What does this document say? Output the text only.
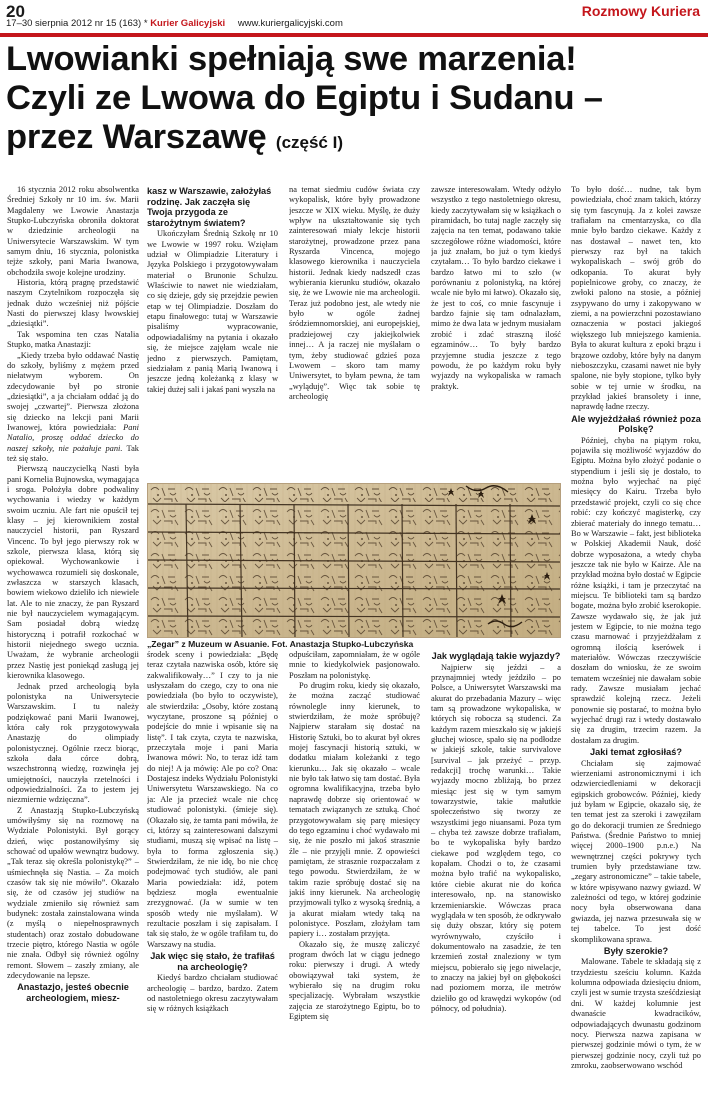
20	Rozmowy Kuriera
17–30 sierpnia 2012 nr 15 (163) * Kurier Galicyjski www.kuriergalicyjski.com
Lwowianki spełniają swe marzenia!
Czyli ze Lwowa do Egiptu i Sudanu –
przez Warszawę (część I)

16 stycznia 2012 roku absolwentka Średniej Szkoły nr 10 im. św. Marii Magdaleny we Lwowie Anastazja Stupko-Lubczyńska obroniła doktorat w dziedzinie archeologii na Uniwersytecie Warszawskim. W tym samym dniu, 16 stycznia, polonistka tejże szkoły, pani Maria Iwanowa, obchodziła swoje kolejne urodziny.

Historia, którą pragnę przedstawić naszym Czytelnikom rozpoczęła się jednak dużo wcześniej niż pójście Nasti do pierwszej klasy lwowskiej „dziesiątki”.

Tak wspomina ten czas Natalia Stupko, matka Anastazji:

„Kiedy trzeba było oddawać Nastię do szkoły, byliśmy z mężem przed niełatwym wyborem. On zdecydowanie był po stronie „dziesiątki”, a ja chciałam oddać ją do swojej „czwartej”. Pierwsza złożona się dziecko na lekcji pani Marii Iwanowej, która powiedziała: Pani Natalio, proszę oddać dziecko do naszej szkoły, nie pożałuje pani. Tak też się stało.

Pierwszą nauczycielką Nasti była pani Kornelia Bujnowska, wymagająca i sroga. Położyła dobre podwaliny wychowania i wiedzy w każdym swoim uczniu. Ale fart nie opuścił tej klasy – jej kierownikiem został nauczyciel historii, pan Ryszard Vincenc. To był jego pierwszy rok w szkole, pierwsza klasa, którą się opiekował. Wychowankowie i wychowawca rozumieli się doskonale, zwłaszcza w starszych klasach, bowiem wiekowo dzieliło ich niewiele lat. Ale to nie znaczy, że pan Ryszard nie był nauczycielem wymagającym. Sam posiadał dobrą wiedzę historyczną i potrafił rozkochać w historii niejednego swego ucznia. Uważam, że wybranie archeologii przez Nastię jest poniekąd zasługą jej kierownika klasowego.

Jednak przed archeologią była polonistyka na Uniwersytecie Warszawskim. I tu należy podziękować pani Marii Iwanowej, która cały rok przygotowywała Anastazję do olimpiady polonistycznej. Ogólnie rzecz biorąc, szkoła dała córce dobrą, wszechstronną wiedzę, rozwinęła jej umiejętności, nauczyła rzetelności i odpowiedzialności. Za to jestem jej niezmiernie wdzięczna”.

Z Anastazją Stupko-Lubczyńską umówiłyśmy się na rozmowę na Wydziale Polonistyki. Był gorący dzień, więc postanowiłyśmy się schować od upałów wewnątrz budowy. „Tak teraz się określa polonistykę?” – uśmiechnęła się Nastia. – Za moich czasów tak się nie mówiło”. Okazało się, że od czasów jej studiów na wydziale zmieniło się również sam budynek: została zainstalowana winda (z myślą o niepełnosprawnych studentach) oraz zostało dobudowane trzecie piętro, którego Nastia w ogóle nie znała. Odbył się również ogólny remont. Słowem – zaszły zmiany, ale zdecydowanie na lepsze.

Anastazjo, jesteś obecnie archeologiem, miesz-

kasz w Warszawie, założyłaś rodzinę. Jak zaczęła się Twoja przygoda ze starożytnym światem?

Ukończyłam Średnią Szkołę nr 10 we Lwowie w 1997 roku. Wzięłam udział w Olimpiadzie Literatury i Języka Polskiego i przygotowywałam materiał o Brunonie Schulzu. Właściwie to nawet nie wiedziałam, co się dzieje, gdy się przejdzie pewien etap w tej Olimpiadzie. Doszłam do etapu finałowego: tutaj w Warszawie pisaliśmy wypracowanie, odpowiadaliśmy na pytania i okazało się, że miejsce zajęłam wcale nie jedno z pierwszych. Pamiętam, siedziałam z panią Marią Iwanową i jeszcze jedną koleżanką z klasy w takiej dużej sali i jakaś pani wyszła na

na temat siedmiu cudów świata czy wykopalisk, które były prowadzone jeszcze w XIX wieku. Myślę, że duży wpływ na ukształtowanie się tych zainteresowań miały lekcje historii starożytnej, prowadzone przez pana Ryszarda Vincenca, mojego klasowego kierownika i nauczyciela historii. Jednak kiedy nadszedł czas wybierania kierunku studiów, okazało się, że we Lwowie nie ma archeologii. Teraz już podobno jest, ale wtedy nie było w ogóle żadnej śródziemnomorskiej, ani europejskiej, pradziejowej czy jakiejkolwiek innej… A ja raczej nie myślałam o tym, żeby studiować gdzieś poza Lwowem – skoro tam mamy Uniwersytet, to byłam pewna, że tam „wyląduję”. Więc tak sobie tę archeologię

zawsze interesowałam. Wtedy odżyło wszystko z tego nastoletniego okresu, kiedy zaczytywałam się w książkach o piramidach, bo tutaj nagle zaczęły się zajęcia na ten temat, podawano takie szczegółowe różne wiadomości, które ja już znałam, bo już o tym kiedyś czytałam… To było bardzo ciekawe i bardzo łatwo mi to szło (w porównaniu z polonistyką, na której wcale nie było mi łatwo). Okazało się, że jest to coś, co mnie fascynuje i bardzo fajnie się tam odnalazłam, mimo że dwa lata w jednym musiałam zrobić i zdać straszną ilość egzaminów… To były bardzo przyjemne studia jeszcze z tego powodu, że po każdym roku były wyjazdy na wykopaliska w ramach praktyk.

To było dość… nudne, tak bym powiedziała, choć znam takich, którzy się tym fascynują. Ja z kolei zawsze trafiałam na cmentarzyska, co dla mnie było bardzo ciekawe. Każdy z nas dostawał – nawet ten, kto pierwszy raz był na takich wykopaliskach – swój grób do odkopania. To akurat były popielnicowe groby, co znaczy, że zwłoki palono na stosie, a później zsypywano do urny i zakopywano w ziemi, a na powierzchni pozostawiano oznaczenia w postaci jakiegoś większego lub mniejszego kamienia. Była to akurat kultura z epoki brązu i brązowe ozdoby, które były na danym nieboszczyku, czasami nawet nie były spalone, nie były stopione, tylko były sobie w tej urnie w środku, na przykład jakieś bransolety i inne, naprawdę ładne rzeczy.

Ale wyjeżdżałaś również poza Polskę?

Później, chyba na piątym roku, pojawiła się możliwość wyjazdów do Egiptu. Można było złożyć podanie o stypendium i jeśli się je dostało, to można było wyjechać na pięć miesięcy do Kairu. Trzeba było przedstawić projekt, czyli co się chce robić: czy kończyć magisterkę, czy zbierać materiały do innego tematu… Bo w Warszawie – fakt, jest biblioteka w Polskiej Akademii Nauk, dość dobrze wyposażona, a wtedy chyba jeszcze tak nie było w Kairze. Ale na przykład można było dostać w Egipcie różne książki, i tam je przeczytać na miejscu. Te biblioteki tam są bardzo bogate, można było zrobić kserokopie. Zawsze wydawało się, że jak już jestem w Egipcie, to nie można tego czasu marnować i przyjeżdżałam z ogromną ilością kserówek i materiałów. Wówczas rzeczywiście doszłam do wniosku, że ze swoim tematem wcześniej nie dawałam sobie rady. Zawsze musiałam jechać sprawdzić kolejną rzecz. Jeżeli ponownie się postarać, to można było wyjechać drugi raz i wtedy dostawało się za drugim, trzecim razem. Ja dostałam za drugim.

Jaki temat zgłosiłaś?

Chciałam się zajmować wierzeniami astronomicznymi i ich odzwierciedleniami w dekoracji egipskich grobowców. Później, kiedy już byłam w Egipcie, okazało się, że ten temat jest za szeroki i zawęziłam go do dekoracji trumien ze Średniego Państwa. (Średnie Państwo to mniej więcej 2000–1900 p.n.e.) Na wewnętrznej części pokrywy tych trumien były przedstawiane tzw. „zegary astronomiczne” – takie tabele, w które wpisywano nazwy gwiazd. W zależności od tego, w której godzinie nocy była obserwowana dana gwiazda, jej nazwa przesuwała się w tej tabelce. To jest dość skomplikowana sprawa.

Były szerokie?

Malowane. Tabele te składają się z trzydziestu sześciu kolumn. Każda kolumna odpowiada dziesięciu dniom, czyli jest w sumie trzysta sześćdziesiąt dni. W każdej kolumnie jest dwanaście kwadracików, odpowiadających dwunastu godzinom nocy. Pierwsza nazwa zapisana w pierwszej godzinie mówi o tym, że w pierwszej godzinie nocy, czyli tuż po zmroku, zaobserwowano wschód

„Zegar” z Muzeum w Asuanie. Fot. Anastazja Stupko-Lubczyńska

środek sceny i powiedziała: „Będę teraz czytała nazwiska osób, które się zakwalifikowały…” I czy to ja nie usłyszałam do czego, czy to ona nie powiedziała (bo było to oczywiste), ale stwierdziła: „Osoby, które zostaną wyczytane, proszone są później o podejście do mnie i wpisanie się na listę”. I tak czyta, czyta te nazwiska, przeczytała moje i pani Maria Iwanowa mówi: No, to teraz idź tam do niej! A ja mówię: Ale po co? Ona: Dostajesz indeks Wydziału Polonistyki Uniwersytetu Warszawskiego. Na co ja: Ale ja przecież wcale nie chcę studiować polonistyki. (śmieje się). (Okazało się, że tamta pani mówiła, że ci, którzy są zainteresowani dalszymi studiami, muszą się wpisać na listę – była to forma zgłoszenia się.) Stwierdziłam, że nie idę, bo nie chcę podejmować tych studiów, ale pani Maria powiedziała: idź, potem będziesz mogła ewentualnie zrezygnować. (Ja w sumie w ten sposób wtedy nie myślałam). W rezultacie poszłam i się zapisałam. I tak się stało, że w ogóle trafiłam tu, do Warszawy na studia.

Jak więc się stało, że trafiłaś na archeologię?

Kiedyś bardzo chciałam studiować archeologię – bardzo, bardzo. Zatem od nastoletniego okresu zaczytywałam się w różnych książkach

odpuściłam, zapomniałam, że w ogóle mnie to kiedykolwiek pasjonowało. Poszłam na polonistykę.

Po drugim roku, kiedy się okazało, że można zacząć studiować równolegle inny kierunek, to stwierdziłam, że może spróbuję? Najpierw starałam się dostać na Historię Sztuki, bo to akurat był okres mojej fascynacji historią sztuki, w dodatku miałam koleżanki z tego kierunku… Jak się okazało – wcale nie było tak łatwo się tam dostać. Była ogromna kwalifikacyjna, trzeba było naprawdę dobrze się orientować w tematach związanych ze sztuką. Choć przygotowywałam się parę miesięcy do tego egzaminu i choć wydawało mi się, że nie poszło mi jakoś strasznie źle – nie przyjęli mnie. Z opowieści pamiętam, że strasznie rozpaczałam z tego powodu. Stwierdziłam, że w takim razie spróbuję dostać się na jakiś inny kierunek. Na archeologię przyjmowali tylko z wysoką średnią, a ja akurat miałam wtedy taką na polonistyce. Poszłam, złożyłam tam papiery i… zostałam przyjęta.

Okazało się, że muszę zaliczyć program dwóch lat w ciągu jednego roku: pierwszy i drugi. A wtedy obowiązywał taki system, że wybierało się na drugim roku specjalizację. Wybrałam wszystkie zajęcia ze starożytnego Egiptu, bo to Egiptem się

Jak wyglądają takie wyjazdy?

Najpierw się jeździ – a przynajmniej wtedy jeździło – po Polsce, a Uniwersytet Warszawski ma akurat do przebadania Mazury – więc tam są prowadzone wykopaliska, w których się robocza są studenci. Za każdym razem mieszkało się w jakiejś głuchej wiosce, spało się na podłodze w jakiejś szkole, takie survivalove [survival – jak przeżyć – przyp. redakcji] trochę warunki… Takie wyjazdy mocno zbliżają, bo przez miesiąc jest się w tym samym towarzystwie, takie małutkie społeczeństwo się tworzy ze wszystkimi jego niuansami. Poza tym – chyba też zawsze dobrze trafiałam, bo te wykopaliska były bardzo ciekawe pod względem tego, co kopałam. Chodzi o to, że czasami można było trafić na wykopalisko, które ciebie akurat nie do końca interesowało, np. na stanowisko krzemieniarskie. Wówczas praca wyglądała w ten sposób, że odkrywało się duży obszar, który się potem wyrównywało, czyściło i dokumentowało na zasadzie, że ten krzemień został znaleziony w tym miejscu, pobierało się jego niwelacje, to znaczy na jakiej był on głębokości nad poziomem morza, ile metrów dzieliło go od krawędzi wykopów (od północy, od południa).
